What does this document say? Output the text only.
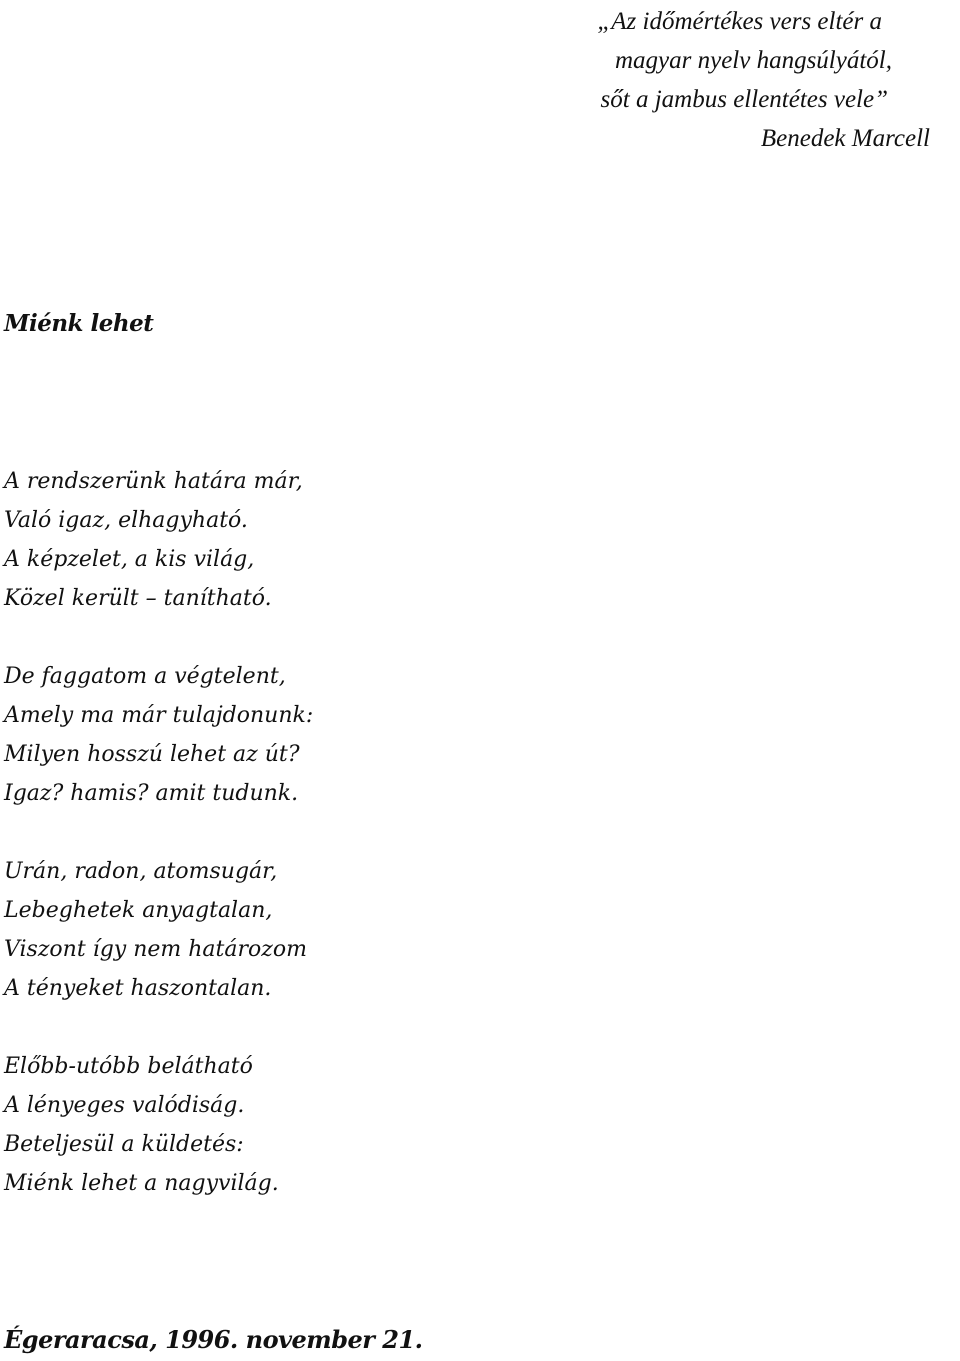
„Az időmértékes vers eltér a
magyar nyelv hangsúlyától,
sőt a jambus ellentétes vele”
Benedek Marcell
Miénk lehet
A rendszerünk határa már,
Való igaz, elhagyható.
A képzelet, a kis világ,
Közel került – tanítható.
De faggatom a végtelent,
Amely ma már tulajdonunk:
Milyen hosszú lehet az út?
Igaz? hamis? amit tudunk.
Urán, radon, atomsugár,
Lebeghetek anyagtalan,
Viszont így nem határozom
A tényeket haszontalan.
Előbb-utóbb belátható
A lényeges valódiság.
Beteljesül a küldetés:
Miénk lehet a nagyvilág.
Égeraracsa, 1996. november 21.
